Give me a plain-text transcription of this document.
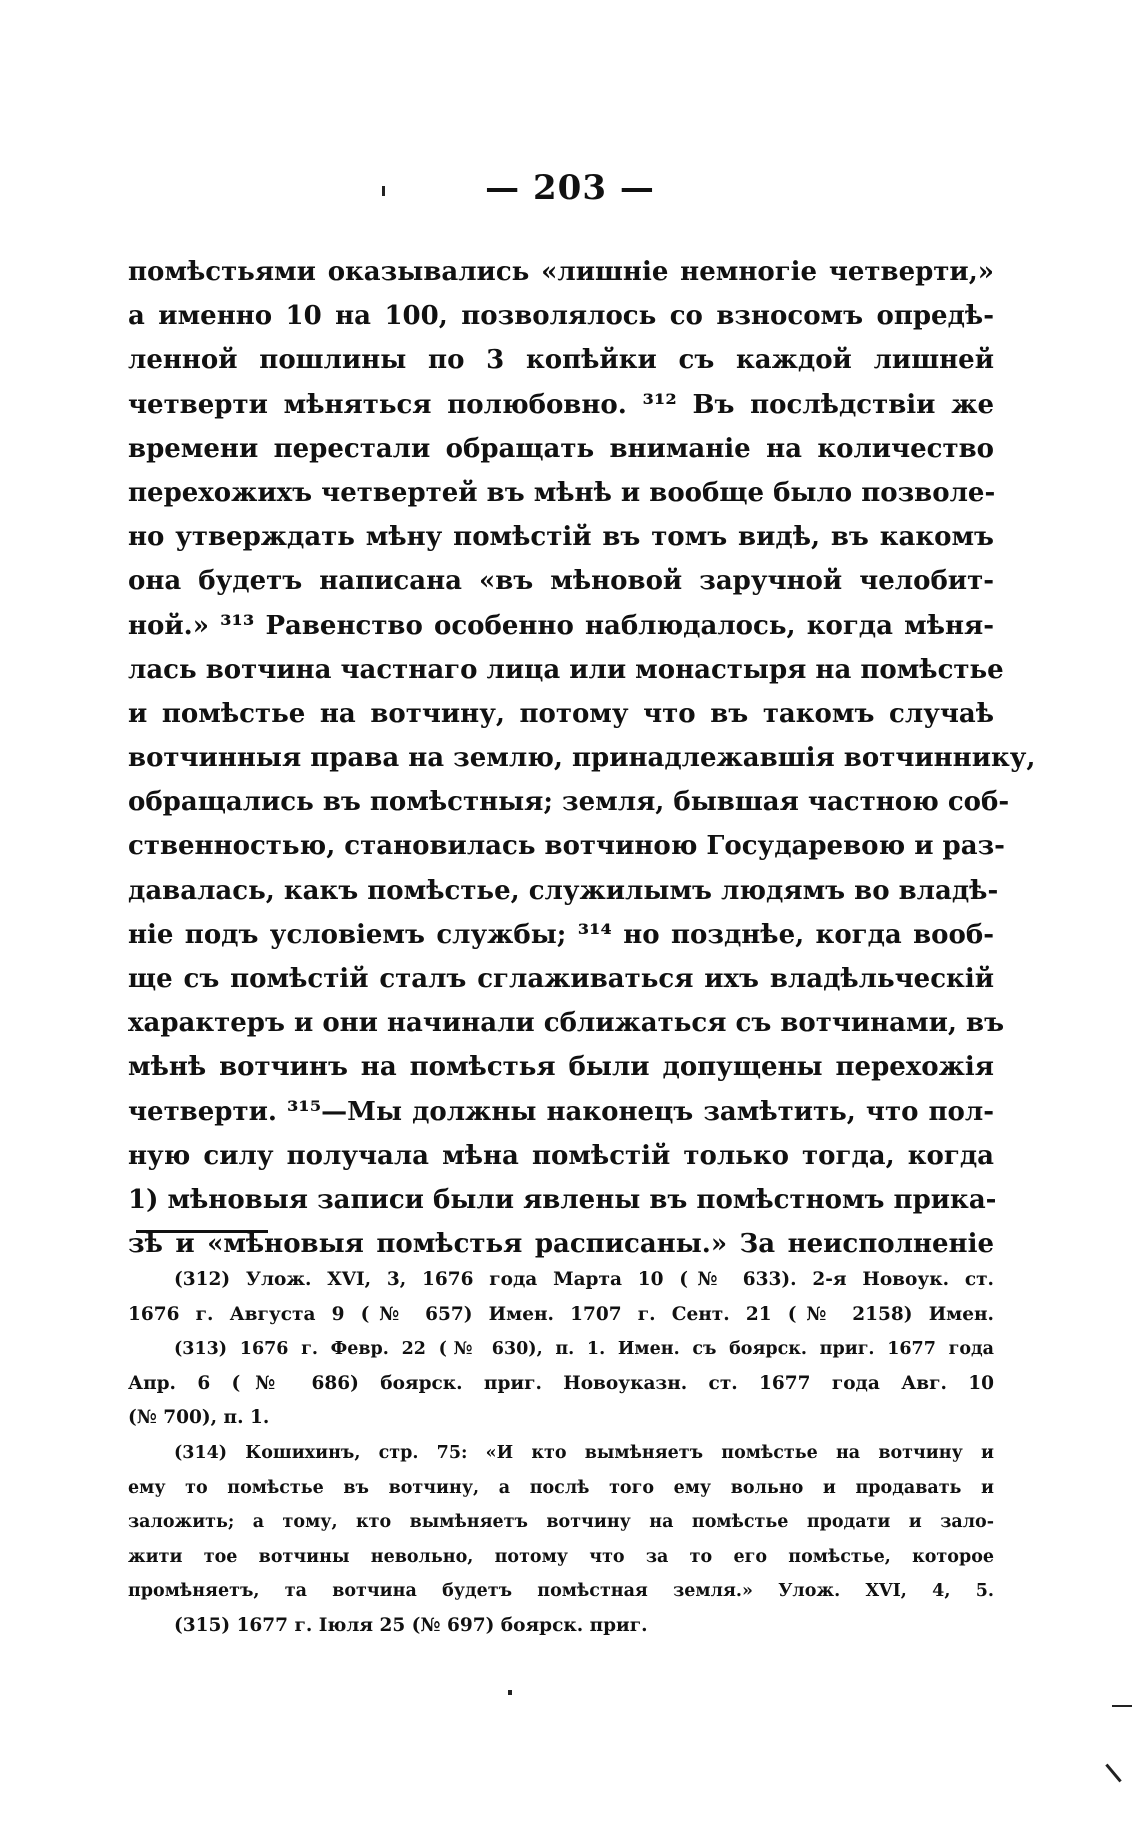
— 203 —
помѣстьями оказывались «лишніе немногіе четверти,»
а именно 10 на 100, позволялось со взносомъ опредѣ-
ленной пошлины по 3 копѣйки съ каждой лишней
четверти мѣняться полюбовно. ³¹² Въ послѣдствіи же
времени перестали обращать вниманіе на количество
перехожихъ четвертей въ мѣнѣ и вообще было позволе-
но утверждать мѣну помѣстій въ томъ видѣ, въ какомъ
она будетъ написана «въ мѣновой заручной челобит-
ной.» ³¹³ Равенство особенно наблюдалось, когда мѣня-
лась вотчина частнаго лица или монастыря на помѣстье
и помѣстье на вотчину, потому что въ такомъ случаѣ
вотчинныя права на землю, принадлежавшія вотчиннику,
обращались въ помѣстныя; земля, бывшая частною соб-
ственностью, становилась вотчиною Государевою и раз-
давалась, какъ помѣстье, служилымъ людямъ во владѣ-
ніе подъ условіемъ службы; ³¹⁴ но позднѣе, когда вооб-
ще съ помѣстій сталъ сглаживаться ихъ владѣльческій
характеръ и они начинали сближаться съ вотчинами, въ
мѣнѣ вотчинъ на помѣстья были допущены перехожія
четверти. ³¹⁵—Мы должны наконецъ замѣтить, что пол-
ную силу получала мѣна помѣстій только тогда, когда
1) мѣновыя записи были явлены въ помѣстномъ прика-
зѣ и «мѣновыя помѣстья расписаны.» За неисполненіе
(312) Улож. XVI, 3, 1676 года Марта 10 (№ 633). 2-я Новоук. ст.
1676 г. Августа 9 (№ 657) Имен. 1707 г. Сент. 21 (№ 2158) Имен.
(313) 1676 г. Февр. 22 (№ 630), п. 1. Имен. съ боярск. приг. 1677 года
Апр. 6 (№ 686) боярск. приг. Новоуказн. ст. 1677 года Авг. 10
(№ 700), п. 1.
(314) Кошихинъ, стр. 75: «И кто вымѣняетъ помѣстье на вотчину и
ему то помѣстье въ вотчину, а послѣ того ему вольно и продавать и
заложить; а тому, кто вымѣняетъ вотчину на помѣстье продати и зало-
жити тое вотчины невольно, потому что за то его помѣстье, которое
промѣняетъ, та вотчина будетъ помѣстная земля.» Улож. XVI, 4, 5.
(315) 1677 г. Іюля 25 (№ 697) боярск. приг.
